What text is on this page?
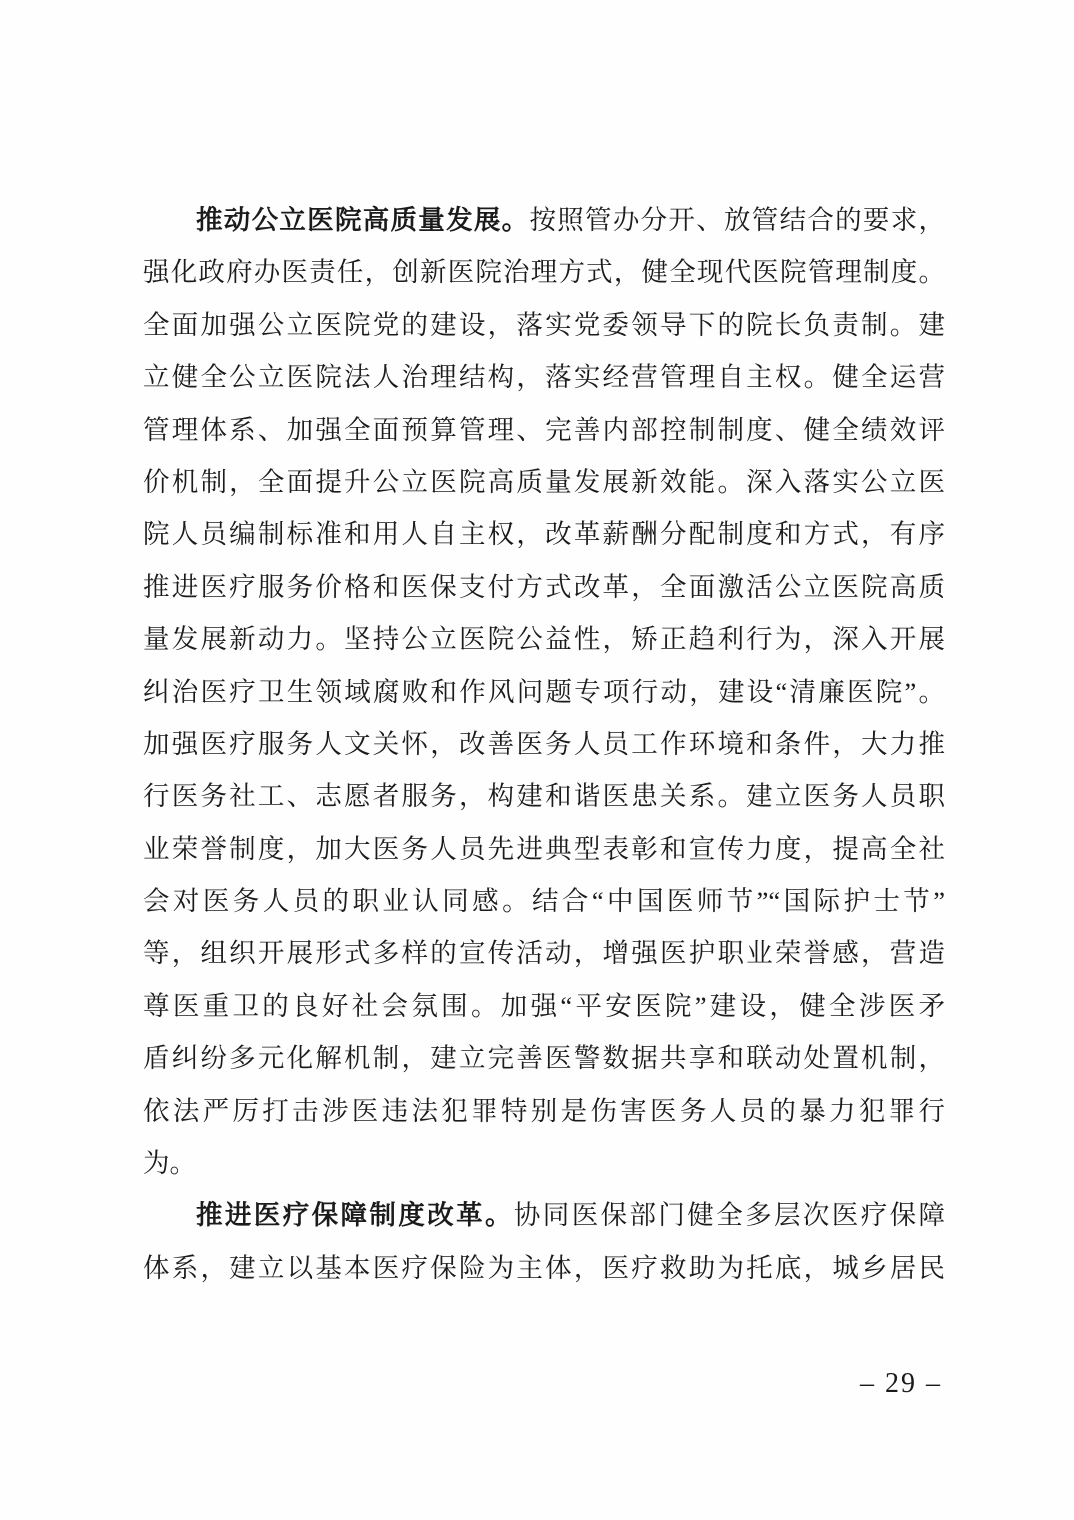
推动公立医院高质量发展。按照管办分开、放管结合的要求，
强化政府办医责任，创新医院治理方式，健全现代医院管理制度。
全面加强公立医院党的建设，落实党委领导下的院长负责制。建
立健全公立医院法人治理结构，落实经营管理自主权。健全运营
管理体系、加强全面预算管理、完善内部控制制度、健全绩效评
价机制，全面提升公立医院高质量发展新效能。深入落实公立医
院人员编制标准和用人自主权，改革薪酬分配制度和方式，有序
推进医疗服务价格和医保支付方式改革，全面激活公立医院高质
量发展新动力。坚持公立医院公益性，矫正趋利行为，深入开展
纠治医疗卫生领域腐败和作风问题专项行动，建设“清廉医院”。
加强医疗服务人文关怀，改善医务人员工作环境和条件，大力推
行医务社工、志愿者服务，构建和谐医患关系。建立医务人员职
业荣誉制度，加大医务人员先进典型表彰和宣传力度，提高全社
会对医务人员的职业认同感。结合“中国医师节”“国际护士节”
等，组织开展形式多样的宣传活动，增强医护职业荣誉感，营造
尊医重卫的良好社会氛围。加强“平安医院”建设，健全涉医矛
盾纠纷多元化解机制，建立完善医警数据共享和联动处置机制，
依法严厉打击涉医违法犯罪特别是伤害医务人员的暴力犯罪行
为。
推进医疗保障制度改革。协同医保部门健全多层次医疗保障
体系，建立以基本医疗保险为主体，医疗救助为托底，城乡居民
– 29 –
